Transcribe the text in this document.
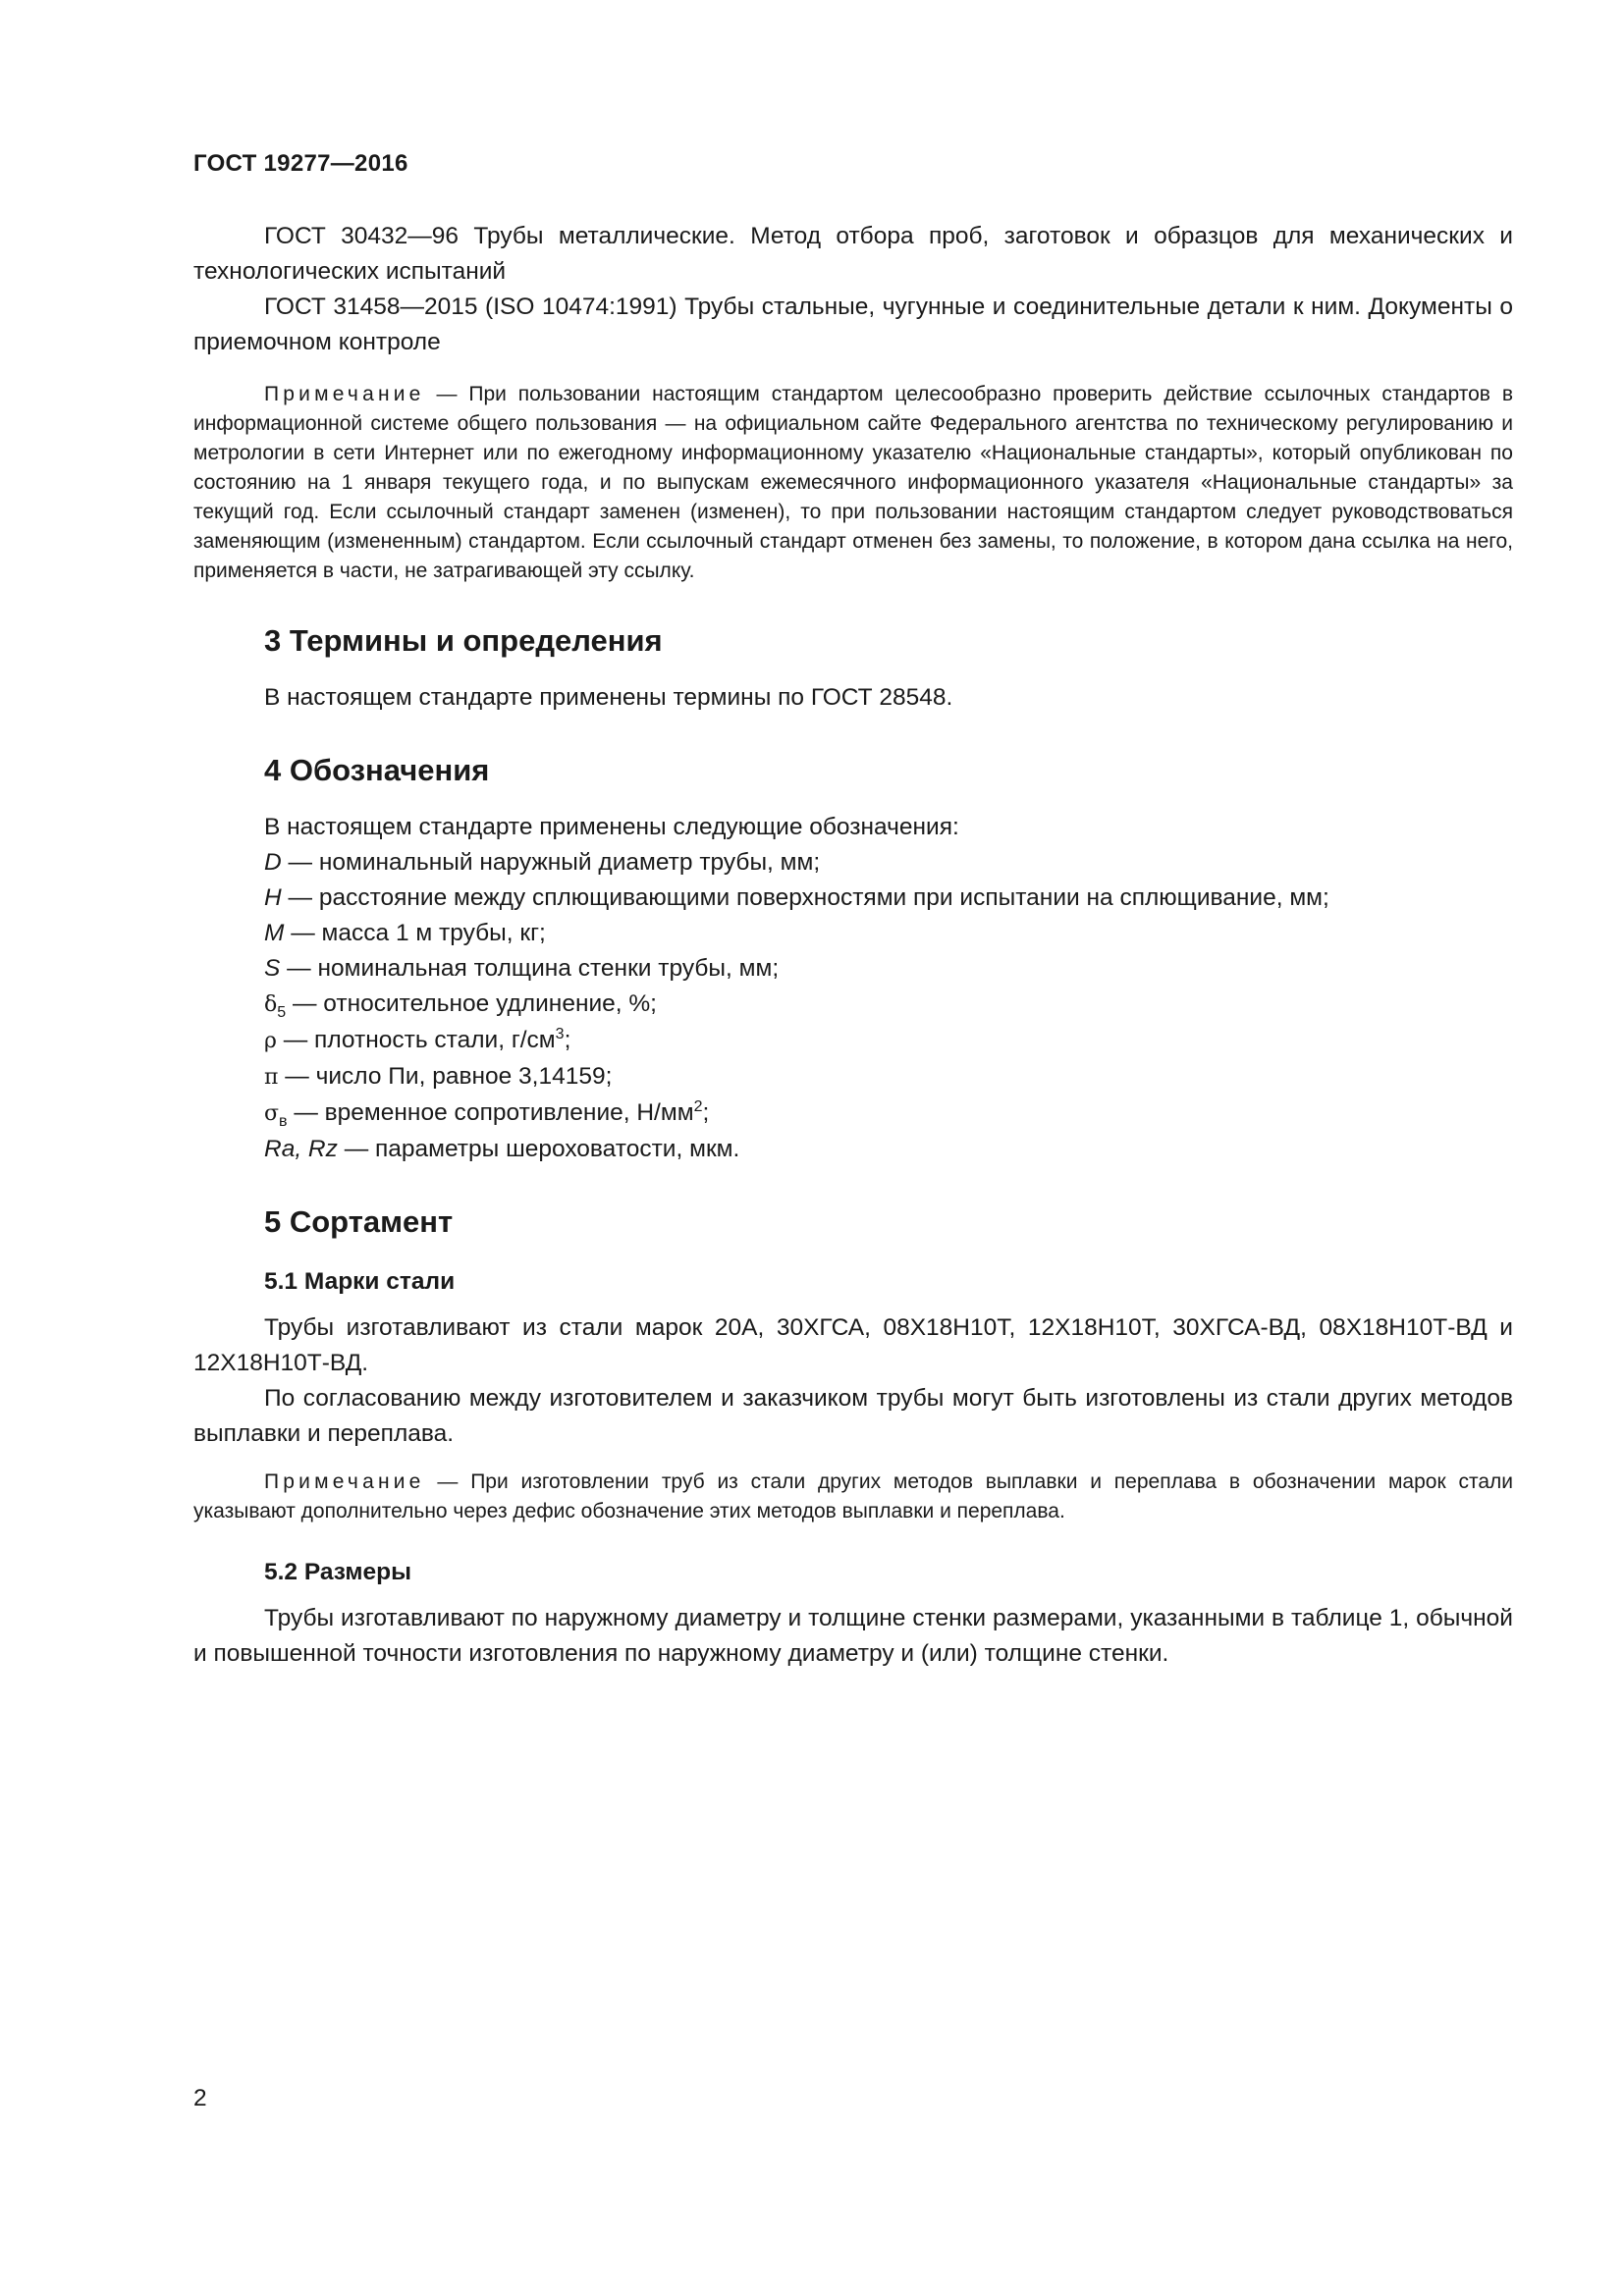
ГОСТ 19277—2016

ГОСТ 30432—96 Трубы металлические. Метод отбора проб, заготовок и образцов для механических и технологических испытаний

ГОСТ 31458—2015 (ISO 10474:1991) Трубы стальные, чугунные и соединительные детали к ним. Документы о приемочном контроле

Примечание — При пользовании настоящим стандартом целесообразно проверить действие ссылочных стандартов в информационной системе общего пользования — на официальном сайте Федерального агентства по техническому регулированию и метрологии в сети Интернет или по ежегодному информационному указателю «Национальные стандарты», который опубликован по состоянию на 1 января текущего года, и по выпускам ежемесячного информационного указателя «Национальные стандарты» за текущий год. Если ссылочный стандарт заменен (изменен), то при пользовании настоящим стандартом следует руководствоваться заменяющим (измененным) стандартом. Если ссылочный стандарт отменен без замены, то положение, в котором дана ссылка на него, применяется в части, не затрагивающей эту ссылку.

3 Термины и определения

В настоящем стандарте применены термины по ГОСТ 28548.

4 Обозначения

В настоящем стандарте применены следующие обозначения:

D — номинальный наружный диаметр трубы, мм;
H — расстояние между сплющивающими поверхностями при испытании на сплющивание, мм;
M — масса 1 м трубы, кг;
S — номинальная толщина стенки трубы, мм;
$\delta_5$ — относительное удлинение, %;
ρ — плотность стали, $г/см^3$;
π — число Пи, равное 3,14159;
$\sigma_в$ — временное сопротивление, $Н/мм^2$;
Ra, Rz — параметры шероховатости, мкм.
5 Сортамент
5.1 Марки стали

Трубы изготавливают из стали марок 20А, 30ХГСА, 08Х18Н10Т, 12Х18Н10Т, 30ХГСА-ВД, 08Х18Н10Т-ВД и 12Х18Н10Т-ВД.

По согласованию между изготовителем и заказчиком трубы могут быть изготовлены из стали других методов выплавки и переплава.

Примечание — При изготовлении труб из стали других методов выплавки и переплава в обозначении марок стали указывают дополнительно через дефис обозначение этих методов выплавки и переплава.

5.2 Размеры

Трубы изготавливают по наружному диаметру и толщине стенки размерами, указанными в таблице 1, обычной и повышенной точности изготовления по наружному диаметру и (или) толщине стенки.

2
